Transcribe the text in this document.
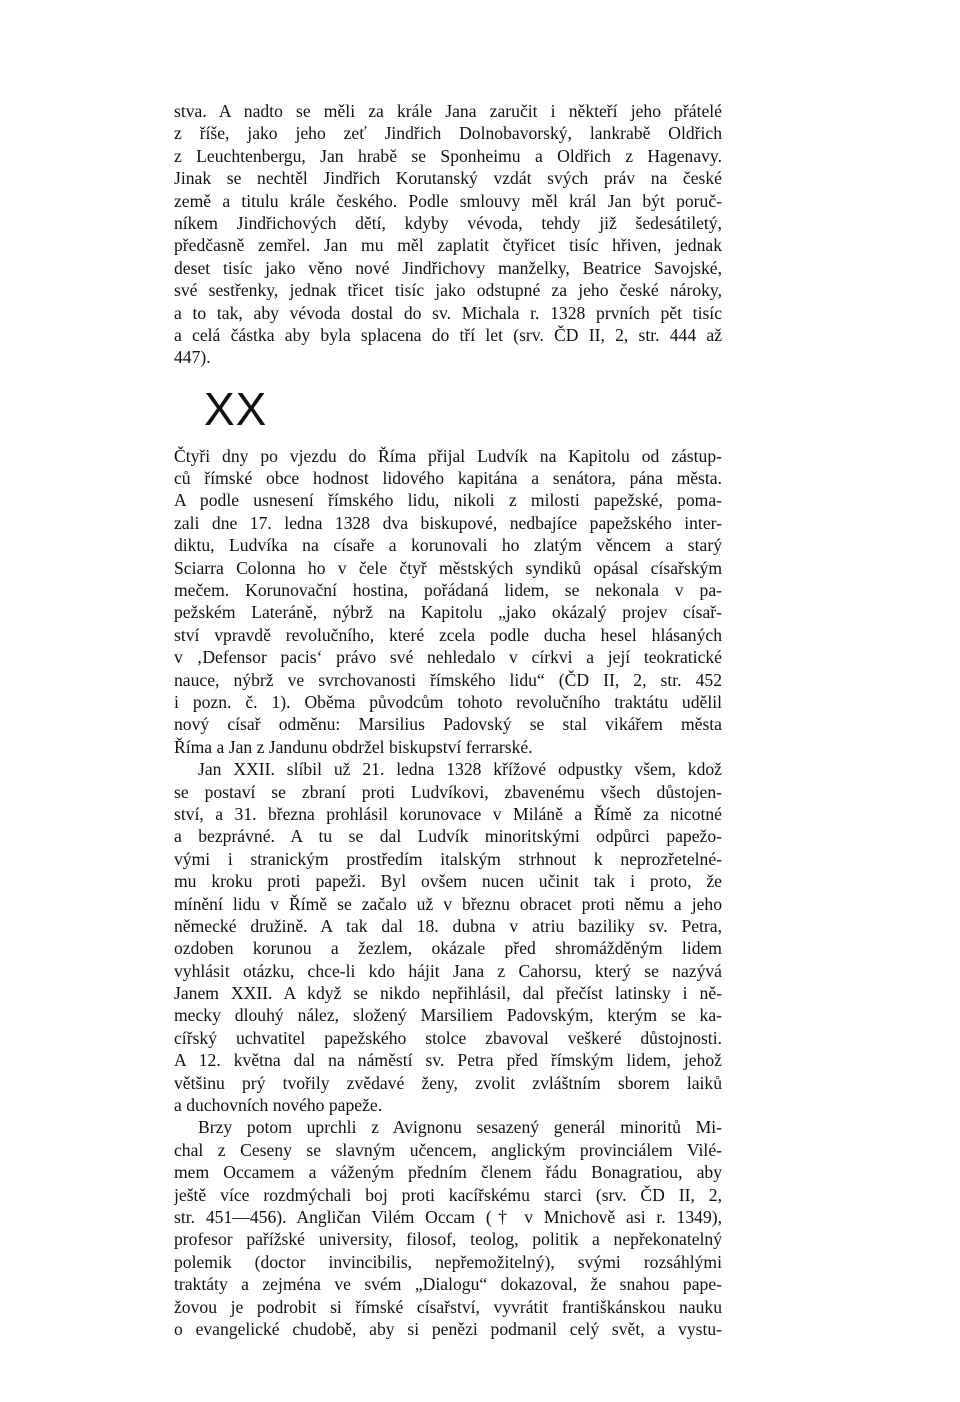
stva. A nadto se měli za krále Jana zaručit i někteří jeho přátelé
z říše, jako jeho zeť Jindřich Dolnobavorský, lankrabě Oldřich
z Leuchtenbergu, Jan hrabě se Sponheimu a Oldřich z Hagenavy.
Jinak se nechtěl Jindřich Korutanský vzdát svých práv na české
země a titulu krále českého. Podle smlouvy měl král Jan být poruč-
níkem Jindřichových dětí, kdyby vévoda, tehdy již šedesátiletý,
předčasně zemřel. Jan mu měl zaplatit čtyřicet tisíc hřiven, jednak
deset tisíc jako věno nové Jindřichovy manželky, Beatrice Savojské,
své sestřenky, jednak třicet tisíc jako odstupné za jeho české nároky,
a to tak, aby vévoda dostal do sv. Michala r. 1328 prvních pět tisíc
a celá částka aby byla splacena do tří let (srv. ČD II, 2, str. 444 až
447).
XX
Čtyři dny po vjezdu do Říma přijal Ludvík na Kapitolu od zástup-
ců římské obce hodnost lidového kapitána a senátora, pána města.
A podle usnesení římského lidu, nikoli z milosti papežské, poma-
zali dne 17. ledna 1328 dva biskupové, nedbajíce papežského inter-
diktu, Ludvíka na císaře a korunovali ho zlatým věncem a starý
Sciarra Colonna ho v čele čtyř městských syndiků opásal císařským
mečem. Korunovační hostina, pořádaná lidem, se nekonala v pa-
pežském Lateráně, nýbrž na Kapitolu „jako okázalý projev císař-
ství vpravdě revolučního, které zcela podle ducha hesel hlásaných
v ‚Defensor pacis‘ právo své nehledalo v církvi a její teokratické
nauce, nýbrž ve svrchovanosti římského lidu“ (ČD II, 2, str. 452
i pozn. č. 1). Oběma původcům tohoto revolučního traktátu udělil
nový císař odměnu: Marsilius Padovský se stal vikářem města
Říma a Jan z Jandunu obdržel biskupství ferrarské.
Jan XXII. slíbil už 21. ledna 1328 křížové odpustky všem, kdož
se postaví se zbraní proti Ludvíkovi, zbavenému všech důstojen-
ství, a 31. března prohlásil korunovace v Miláně a Římě za nicotné
a bezprávné. A tu se dal Ludvík minoritskými odpůrci papežo-
vými i stranickým prostředím italským strhnout k neprozřetelné-
mu kroku proti papeži. Byl ovšem nucen učinit tak i proto, že
mínění lidu v Římě se začalo už v březnu obracet proti němu a jeho
německé družině. A tak dal 18. dubna v atriu baziliky sv. Petra,
ozdoben korunou a žezlem, okázale před shromážděným lidem
vyhlásit otázku, chce-li kdo hájit Jana z Cahorsu, který se nazývá
Janem XXII. A když se nikdo nepřihlásil, dal přečíst latinsky i ně-
mecky dlouhý nález, složený Marsiliem Padovským, kterým se ka-
cířský uchvatitel papežského stolce zbavoval veškeré důstojnosti.
A 12. května dal na náměstí sv. Petra před římským lidem, jehož
většinu prý tvořily zvědavé ženy, zvolit zvláštním sborem laiků
a duchovních nového papeže.
Brzy potom uprchli z Avignonu sesazený generál minoritů Mi-
chal z Ceseny se slavným učencem, anglickým provinciálem Vilé-
mem Occamem a váženým předním členem řádu Bonagratiou, aby
ještě více rozdmýchali boj proti kacířskému starci (srv. ČD II, 2,
str. 451—456). Angličan Vilém Occam († v Mnichově asi r. 1349),
profesor pařížské university, filosof, teolog, politik a nepřekonatelný
polemik (doctor invincibilis, nepřemožitelný), svými rozsáhlými
traktáty a zejména ve svém „Dialogu“ dokazoval, že snahou pape-
žovou je podrobit si římské císařství, vyvrátit františkánskou nauku
o evangelické chudobě, aby si penězi podmanil celý svět, a vystu-
